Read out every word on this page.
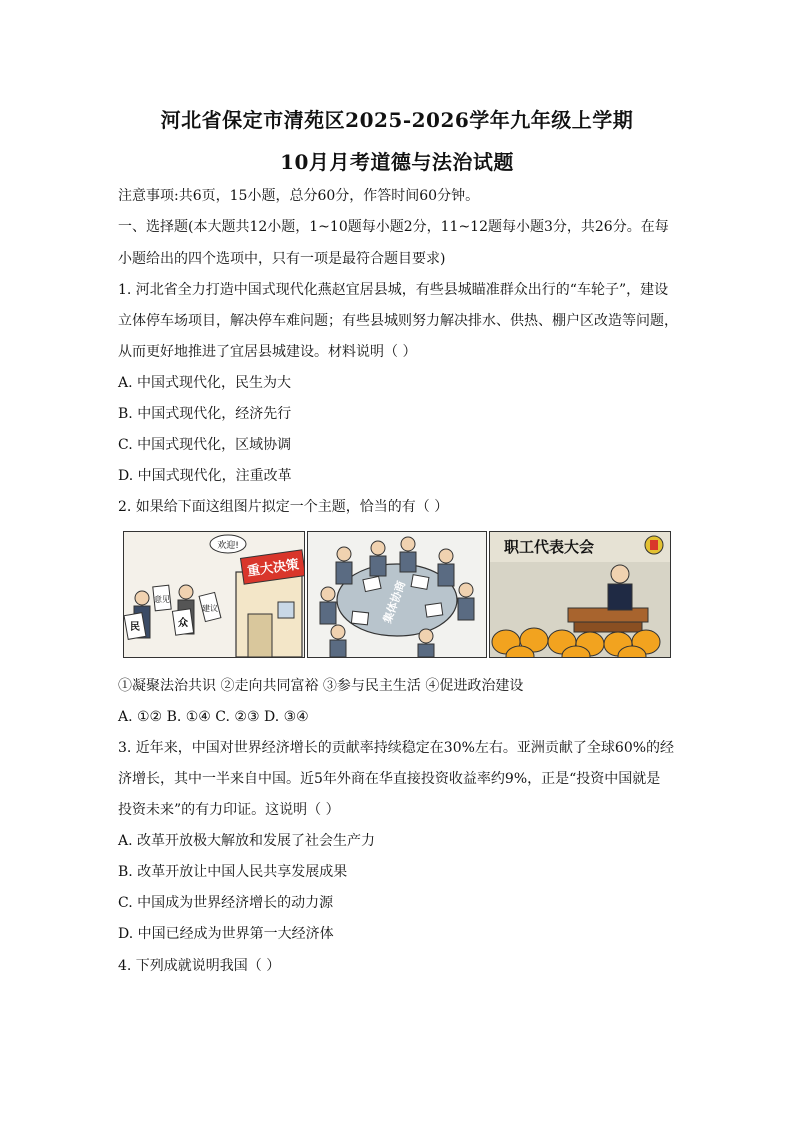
河北省保定市清苑区2025-2026学年九年级上学期
10月月考道德与法治试题
注意事项:共6页，15小题，总分60分，作答时间60分钟。
一、选择题(本大题共12小题，1~10题每小题2分，11~12题每小题3分，共26分。在每
小题给出的四个选项中，只有一项是最符合题目要求)
1. 河北省全力打造中国式现代化燕赵宜居县城，有些县城瞄准群众出行的“车轮子”，建设
立体停车场项目，解决停车难问题；有些县城则努力解决排水、供热、棚户区改造等问题，
从而更好地推进了宜居县城建设。材料说明（ ）
A. 中国式现代化，民生为大
B. 中国式现代化，经济先行
C. 中国式现代化，区域协调
D. 中国式现代化，注重改革
2. 如果给下面这组图片拟定一个主题，恰当的有（ ）
欢迎!
重大决策
意见
建议
民	众	集体协商
职工代表大会
①凝聚法治共识 ②走向共同富裕 ③参与民主生活 ④促进政治建设
A. ①② B. ①④ C. ②③ D. ③④
3. 近年来，中国对世界经济增长的贡献率持续稳定在30%左右。亚洲贡献了全球60%的经
济增长，其中一半来自中国。近5年外商在华直接投资收益率约9%，正是“投资中国就是
投资未来”的有力印证。这说明（ ）
A. 改革开放极大解放和发展了社会生产力
B. 改革开放让中国人民共享发展成果
C. 中国成为世界经济增长的动力源
D. 中国已经成为世界第一大经济体
4. 下列成就说明我国（ ）
